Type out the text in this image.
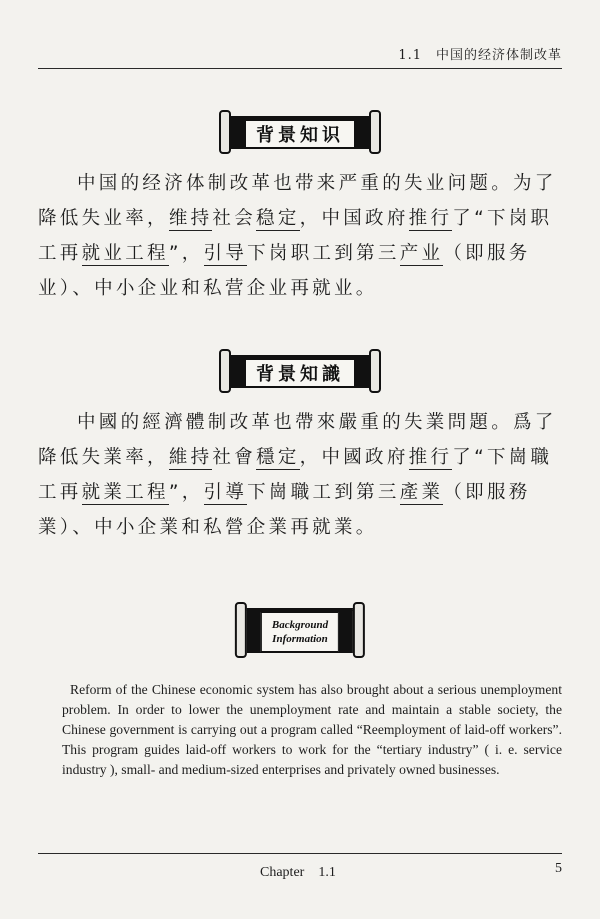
1.1　中国的经济体制改革
背景知识

中国的经济体制改革也带来严重的失业问题。为了降低失业率，维持社会稳定，中国政府推行了“下岗职工再就业工程”，引导下岗职工到第三产业（即服务业）、中小企业和私营企业再就业。

背景知識

中國的經濟體制改革也帶來嚴重的失業問題。爲了降低失業率，維持社會穩定，中國政府推行了“下崗職工再就業工程”，引導下崗職工到第三產業（即服務業）、中小企業和私營企業再就業。

Background
Information

Reform of the Chinese economic system has also brought about a serious unemployment problem. In order to lower the unemployment rate and maintain a stable society, the Chinese government is carrying out a program called “Reemployment of laid-off workers”. This program guides laid-off workers to work for the “tertiary industry” ( i. e. service industry ), small- and medium-sized enterprises and privately owned businesses.

Chapter　1.1	5
